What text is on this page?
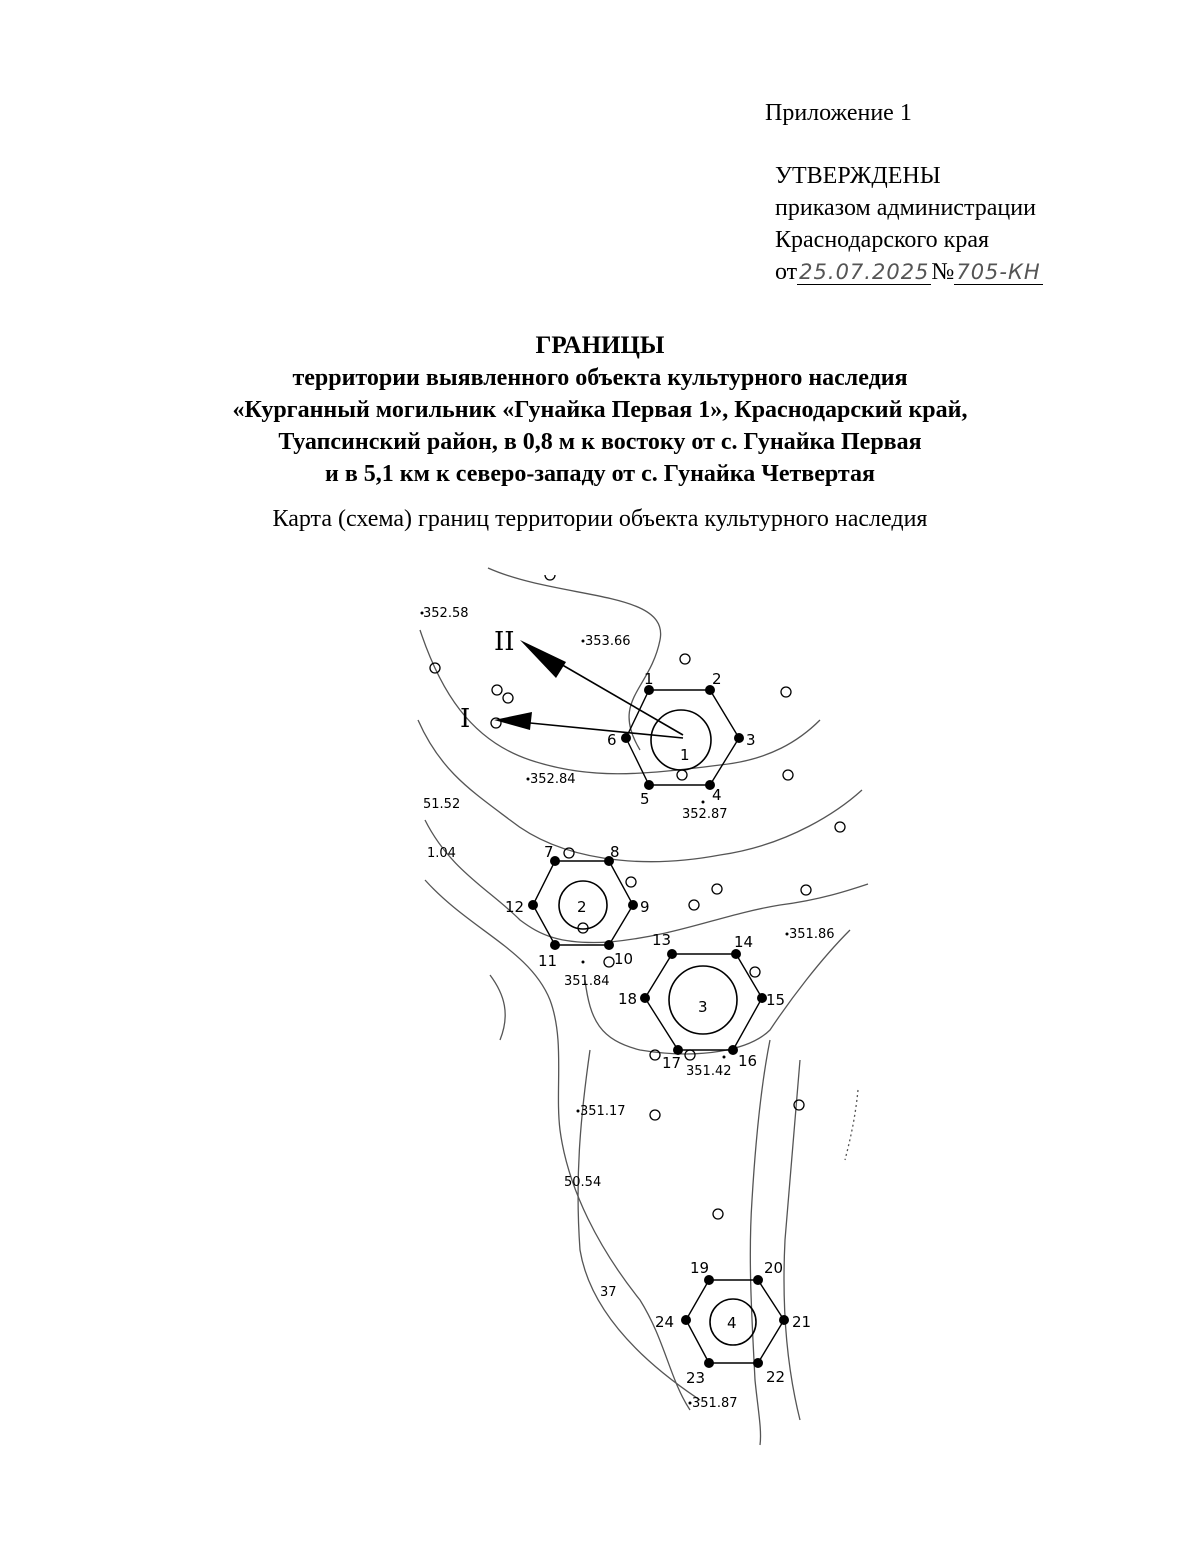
Приложение 1
УТВЕРЖДЕНЫ
приказом администрации
Краснодарского края
от25.07.2025№705-КН
ГРАНИЦЫ
территории выявленного объекта культурного наследия
«Курганный могильник «Гунайка Первая 1», Краснодарский край,
Туапсинский район, в 0,8 м к востоку от с. Гунайка Первая
и в 5,1 км к северо-западу от с. Гунайка Четвертая
Карта (схема) границ территории объекта культурного наследия
II
I
1
1	2
3
4
5
6
2
7	8
9
10
11
12
3
13	14
15
16
17
18
4
19	20
21
22
23
24
352.58
353.66
352.84
352.87
51.52
1.04
351.86
351.84
351.42
351.17
50.54
37
351.87
